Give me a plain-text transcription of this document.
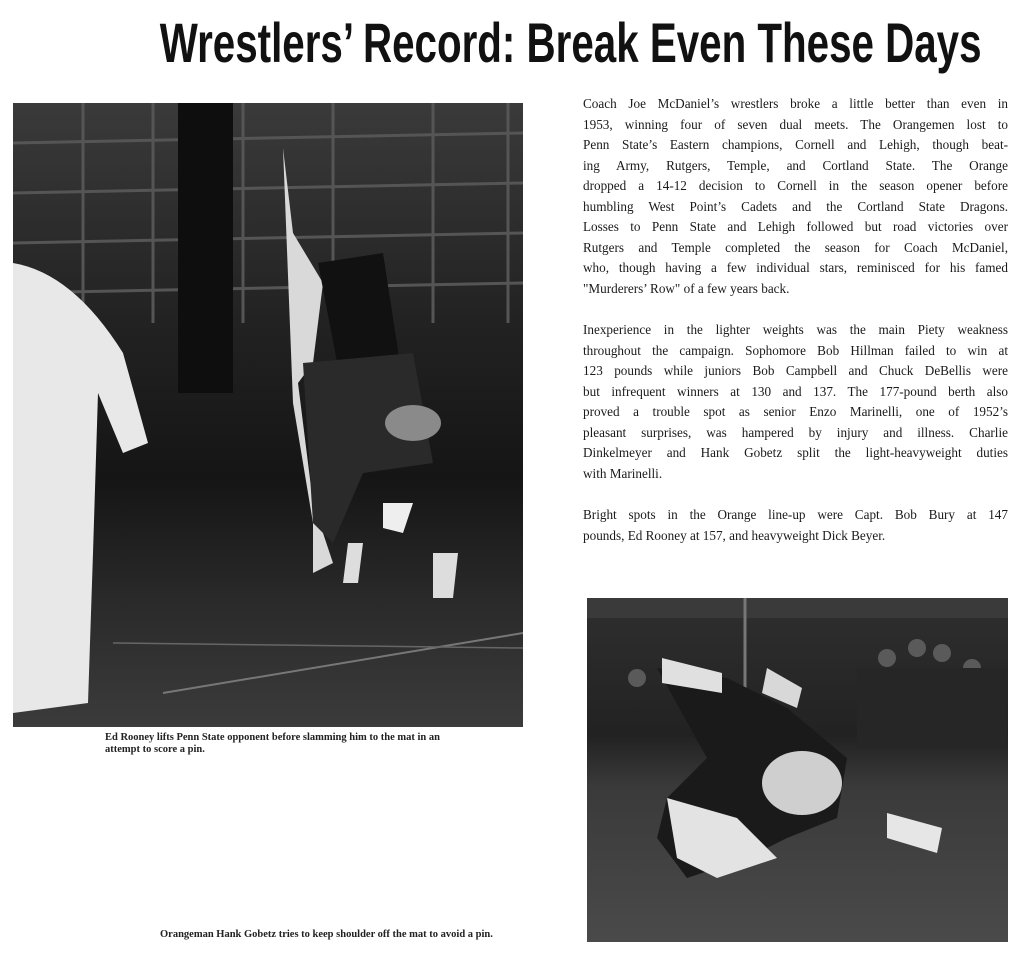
Wrestlers’ Record: Break Even These Days
Coach Joe McDaniel’s wrestlers broke a little better than even in
1953, winning four of seven dual meets. The Orangemen lost to
Penn State’s Eastern champions, Cornell and Lehigh, though beat-
ing Army, Rutgers, Temple, and Cortland State. The Orange
dropped a 14-12 decision to Cornell in the season opener before
humbling West Point’s Cadets and the Cortland State Dragons.
Losses to Penn State and Lehigh followed but road victories over
Rutgers and Temple completed the season for Coach McDaniel,
who, though having a few individual stars, reminisced for his famed
"Murderers’ Row" of a few years back.
Inexperience in the lighter weights was the main Piety weakness
throughout the campaign. Sophomore Bob Hillman failed to win at
123 pounds while juniors Bob Campbell and Chuck DeBellis were
but infrequent winners at 130 and 137. The 177-pound berth also
proved a trouble spot as senior Enzo Marinelli, one of 1952’s
pleasant surprises, was hampered by injury and illness. Charlie
Dinkelmeyer and Hank Gobetz split the light-heavyweight duties
with Marinelli.
Bright spots in the Orange line-up were Capt. Bob Bury at 147
pounds, Ed Rooney at 157, and heavyweight Dick Beyer.
Ed Rooney lifts Penn State opponent before slamming him to the mat in an
attempt to score a pin.
Orangeman Hank Gobetz tries to keep shoulder off the mat to avoid a pin.
